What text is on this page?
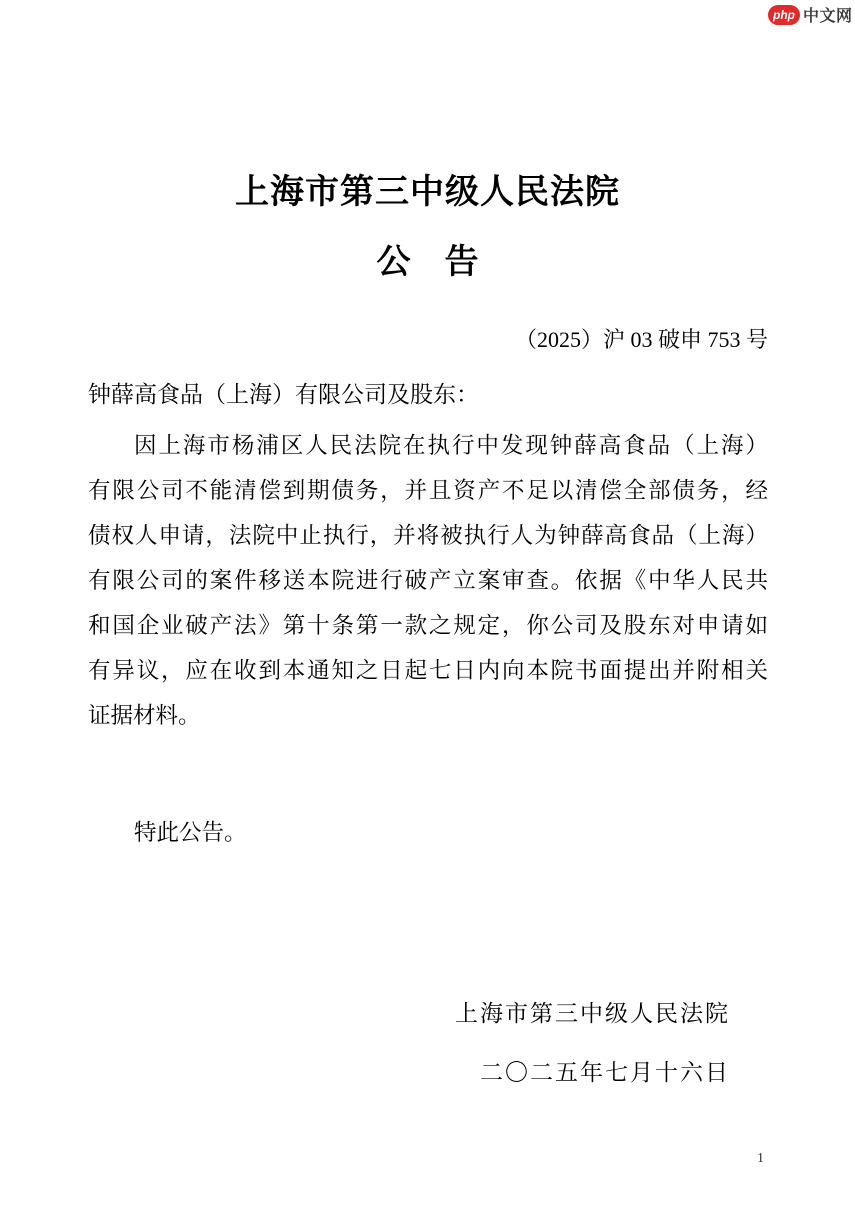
php 中文网
上海市第三中级人民法院
公　告
（2025）沪 03 破申 753 号
钟薛高食品（上海）有限公司及股东：
因上海市杨浦区人民法院在执行中发现钟薛高食品（上海）
有限公司不能清偿到期债务，并且资产不足以清偿全部债务，经
债权人申请，法院中止执行，并将被执行人为钟薛高食品（上海）
有限公司的案件移送本院进行破产立案审查。依据《中华人民共
和国企业破产法》第十条第一款之规定，你公司及股东对申请如
有异议，应在收到本通知之日起七日内向本院书面提出并附相关
证据材料。
特此公告。
上海市第三中级人民法院
二〇二五年七月十六日
1
